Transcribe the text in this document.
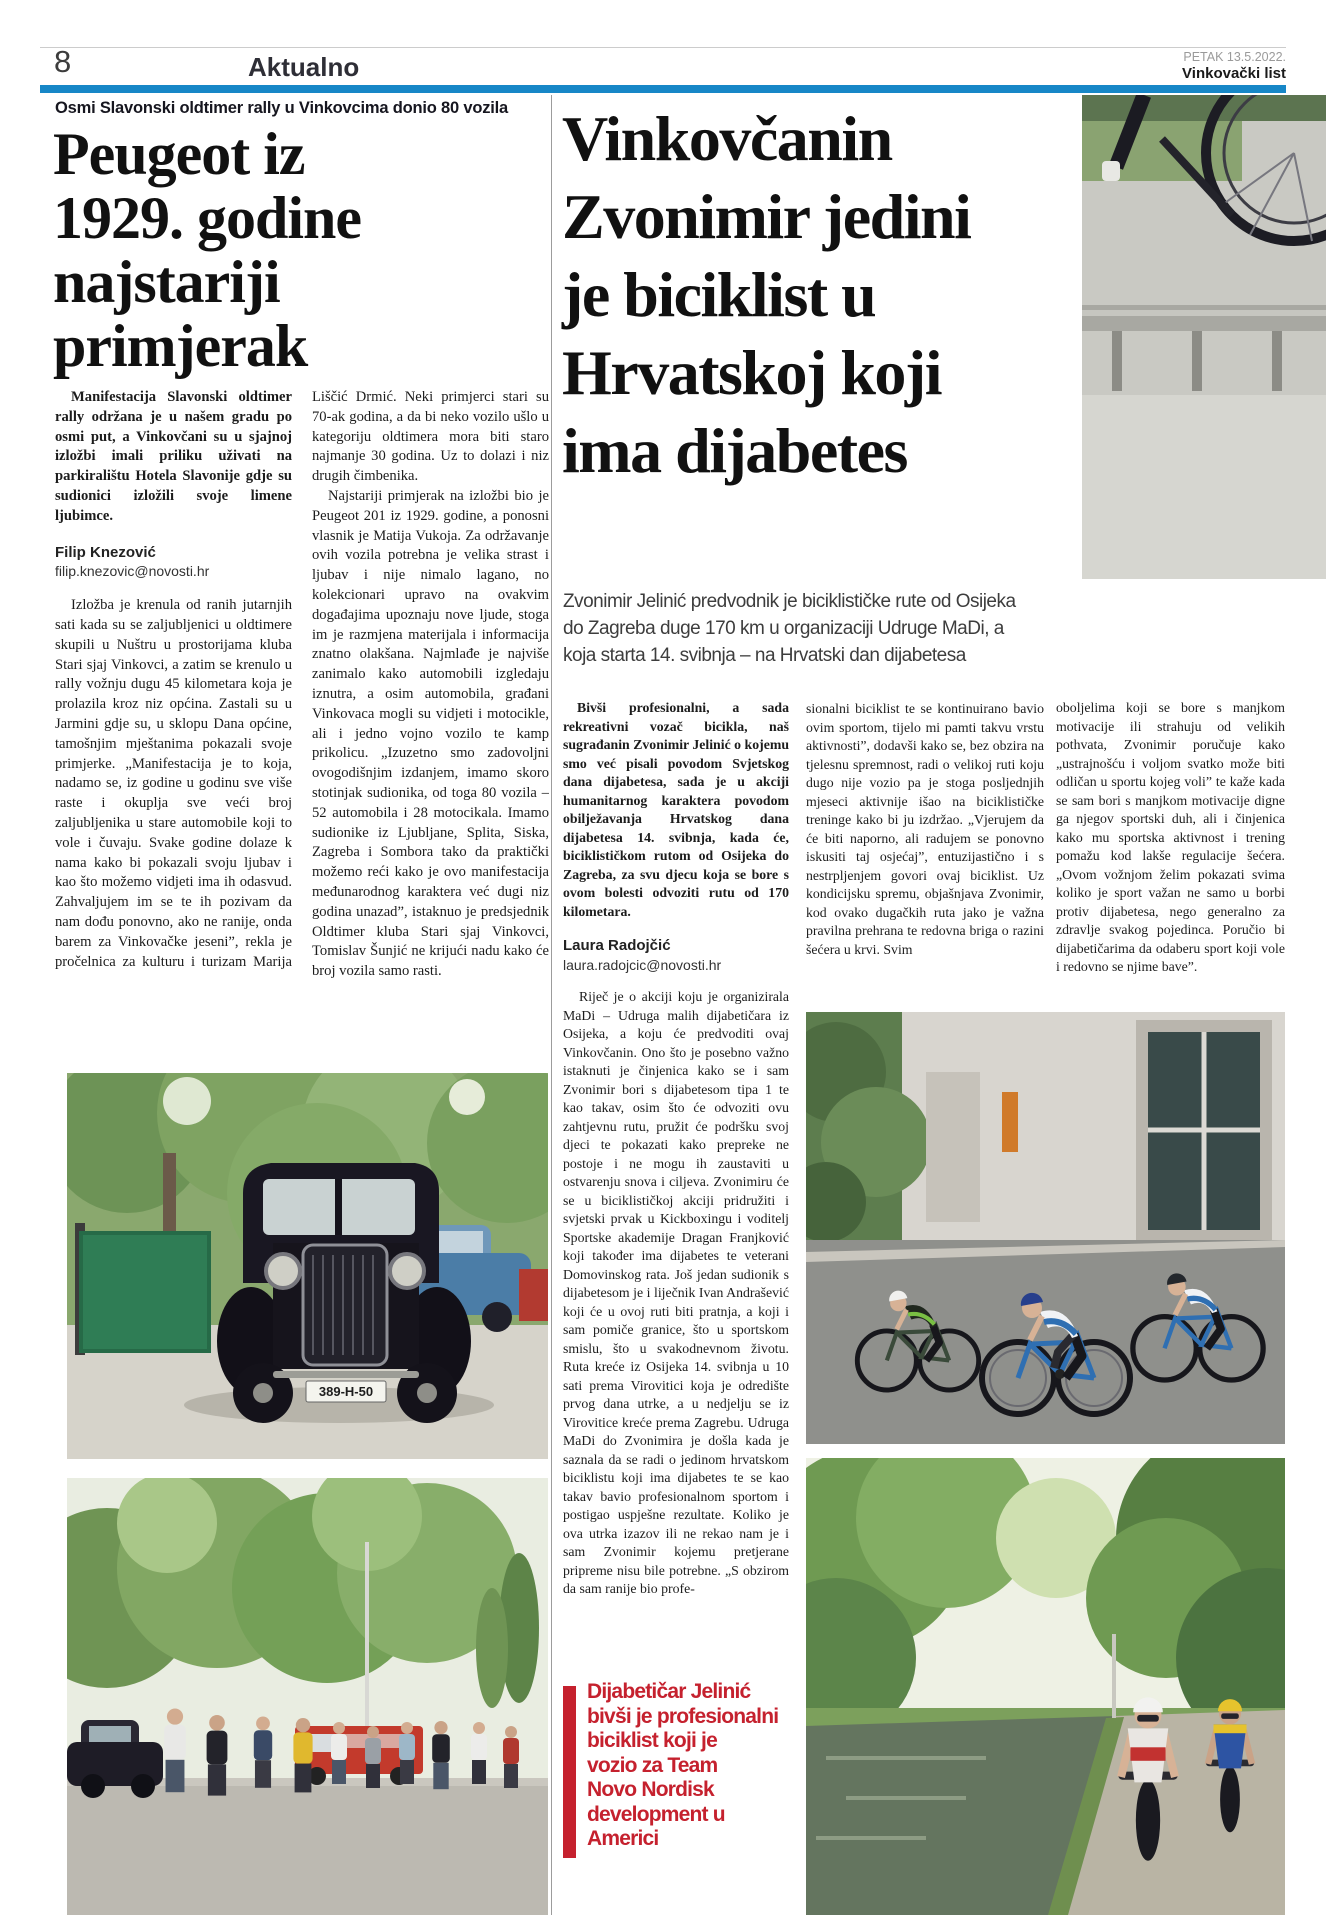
8	Aktualno	PETAK 13.5.2022.
Vinkovački list
Osmi Slavonski oldtimer rally u Vinkovcima donio 80 vozila
Peugeot iz
1929. godine
najstariji
primjerak

Manifestacija Slavonski oldtimer rally održana je u našem gradu po osmi put, a Vinkovčani su u sjajnoj izložbi imali priliku uživati na parkiralištu Hotela Slavonije gdje su sudionici izložili svoje limene ljubimce.

Filip Knezović
filip.knezovic@novosti.hr

Izložba je krenula od ranih jutarnjih sati kada su se zaljubljenici u oldtimere skupili u Nuštru u prostorijama kluba Stari sjaj Vinkovci, a zatim se krenulo u rally vožnju dugu 45 kilometara koja je prolazila kroz niz općina. Zastali su u Jarmini gdje su, u sklopu Dana općine, tamošnjim mještanima pokazali svoje primjerke. „Manifestacija je to koja, nadamo se, iz godine u godinu sve više raste i okuplja sve veći broj zaljubljenika u stare automobile koji to vole i čuvaju. Svake godine dolaze k nama kako bi pokazali svoju ljubav i kao što možemo vidjeti ima ih odasvud. Zahvaljujem im se te ih pozivam da nam dođu ponovno, ako ne ranije, onda barem za Vinkovačke jeseni”, rekla je pročelnica za kulturu i turizam Marija Liščić Drmić. Neki primjerci stari su 70-ak godina, a da bi neko vozilo ušlo u kategoriju oldtimera mora biti staro najmanje 30 godina. Uz to dolazi i niz drugih čimbenika.

Najstariji primjerak na izložbi bio je Peugeot 201 iz 1929. godine, a ponosni vlasnik je Matija Vukoja. Za održavanje ovih vozila potrebna je velika strast i ljubav i nije nimalo lagano, no kolekcionari upravo na ovakvim događajima upoznaju nove ljude, stoga im je razmjena materijala i informacija znatno olakšana. Najmlađe je najviše zanimalo kako automobili izgledaju iznutra, a osim automobila, građani Vinkovaca mogli su vidjeti i motocikle, ali i jedno vojno vozilo te kamp prikolicu. „Izuzetno smo zadovoljni ovogodišnjim izdanjem, imamo skoro stotinjak sudionika, od toga 80 vozila – 52 automobila i 28 motocikala. Imamo sudionike iz Ljubljane, Splita, Siska, Zagreba i Sombora tako da praktički možemo reći kako je ovo manifestacija međunarodnog karaktera već dugi niz godina unazad”, istaknuo je predsjednik Oldtimer kluba Stari sjaj Vinkovci, Tomislav Šunjić ne krijući nadu kako će broj vozila samo rasti.

389-H-50
Vinkovčanin
Zvonimir jedini
je biciklist u
Hrvatskoj koji
ima dijabetes
Zvonimir Jelinić predvodnik je biciklističke rute od Osijeka
do Zagreba duge 170 km u organizaciji Udruge MaDi, a
koja starta 14. svibnja – na Hrvatski dan dijabetesa

Bivši profesionalni, a sada rekreativni vozač bicikla, naš sugrađanin Zvonimir Jelinić o kojemu smo već pisali povodom Svjetskog dana dijabetesa, sada je u akciji humanitarnog karaktera povodom obilježavanja Hrvatskog dana dijabetesa 14. svibnja, kada će, biciklističkom rutom od Osijeka do Zagreba, za svu djecu koja se bore s ovom bolesti odvoziti rutu od 170 kilometara.

Laura Radojčić
laura.radojcic@novosti.hr

Riječ je o akciji koju je organizirala MaDi – Udruga malih dijabetičara iz Osijeka, a koju će predvoditi ovaj Vinkovčanin. Ono što je posebno važno istaknuti je činjenica kako se i sam Zvonimir bori s dijabetesom tipa 1 te kao takav, osim što će odvoziti ovu zahtjevnu rutu, pružit će podršku svoj djeci te pokazati kako prepreke ne postoje i ne mogu ih zaustaviti u ostvarenju snova i ciljeva. Zvonimiru će se u biciklističkoj akciji pridružiti i svjetski prvak u Kickboxingu i voditelj Sportske akademije Dragan Franjković koji također ima dijabetes te veterani Domovinskog rata. Još jedan sudionik s dijabetesom je i liječnik Ivan Andrašević koji će u ovoj ruti biti pratnja, a koji i sam pomiče granice, što u sportskom smislu, što u svakodnevnom životu. Ruta kreće iz Osijeka 14. svibnja u 10 sati prema Virovitici koja je odredište prvog dana utrke, a u nedjelju se iz Virovitice kreće prema Zagrebu. Udruga MaDi do Zvonimira je došla kada je saznala da se radi o jedinom hrvatskom biciklistu koji ima dijabetes te se kao takav bavio profesionalnom sportom i postigao uspješne rezultate. Koliko je ova utrka izazov ili ne rekao nam je i sam Zvonimir kojemu pretjerane pripreme nisu bile potrebne. „S obzirom da sam ranije bio profe-

sionalni biciklist te se kontinuirano bavio ovim sportom, tijelo mi pamti takvu vrstu aktivnosti”, dodavši kako se, bez obzira na tjelesnu spremnost, radi o velikoj ruti koju dugo nije vozio pa je stoga posljednjih mjeseci aktivnije išao na biciklističke treninge kako bi ju izdržao. „Vjerujem da će biti naporno, ali radujem se ponovno iskusiti taj osjećaj”, entuzijastično i s nestrpljenjem govori ovaj biciklist. Uz kondicijsku spremu, objašnjava Zvonimir, kod ovako dugačkih ruta jako je važna pravilna prehrana te redovna briga o razini šećera u krvi. Svim

oboljelima koji se bore s manjkom motivacije ili strahuju od velikih pothvata, Zvonimir poručuje kako „ustrajnošću i voljom svatko može biti odličan u sportu kojeg voli” te kaže kada se sam bori s manjkom motivacije digne ga njegov sportski duh, ali i činjenica kako mu sportska aktivnost i trening pomažu kod lakše regulacije šećera. „Ovom vožnjom želim pokazati svima koliko je sport važan ne samo u borbi protiv dijabetesa, nego generalno za zdravlje svakog pojedinca. Poručio bi dijabetičarima da odaberu sport koji vole i redovno se njime bave”.

Dijabetičar Jelinić
bivši je profesionalni
biciklist koji je
vozio za Team
Novo Nordisk
development u
Americi
